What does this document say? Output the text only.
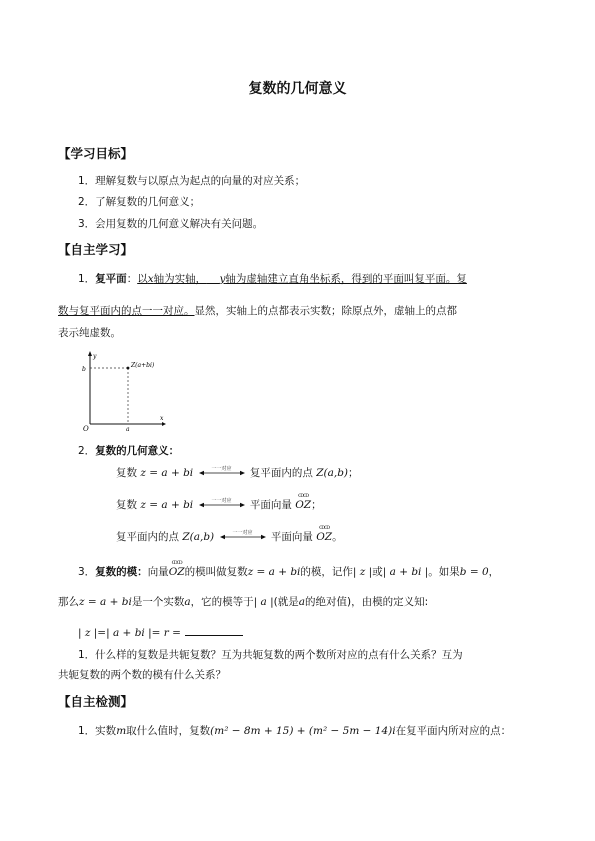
复数的几何意义
【学习目标】
1．理解复数与以原点为起点的向量的对应关系；
2．了解复数的几何意义；
3．会用复数的几何意义解决有关问题。
【自主学习】
1．复平面：以x轴为实轴， y轴为虚轴建立直角坐标系，得到的平面叫复平面。复
数与复平面内的点一一对应。显然，实轴上的点都表示实数；除原点外，虚轴上的点都
表示纯虚数。
Z(a+bi)
b
O	a
x
y
2．复数的几何意义：
复数 z = a + bi	一一对应	复平面内的点 Z(a,b)；
复数 z = a + bi	一一对应	平面向量
ↀↀ
OZ；
复平面内的点 Z(a,b)	一一对应	平面向量
ↀↀ
OZ。
3．复数的模：向量
ↀↀ
OZ的模叫做复数z = a + bi的模，记作| z |或| a + bi |。如果b = 0，
那么z = a + bi是一个实数a，它的模等于| a |(就是a的绝对值)，由模的定义知:
| z |=| a + bi |= r =
1．什么样的复数是共轭复数？互为共轭复数的两个数所对应的点有什么关系？互为
共轭复数的两个数的模有什么关系？
【自主检测】
1．实数m取什么值时，复数(m² − 8m + 15) + (m² − 5m − 14)i在复平面内所对应的点：
